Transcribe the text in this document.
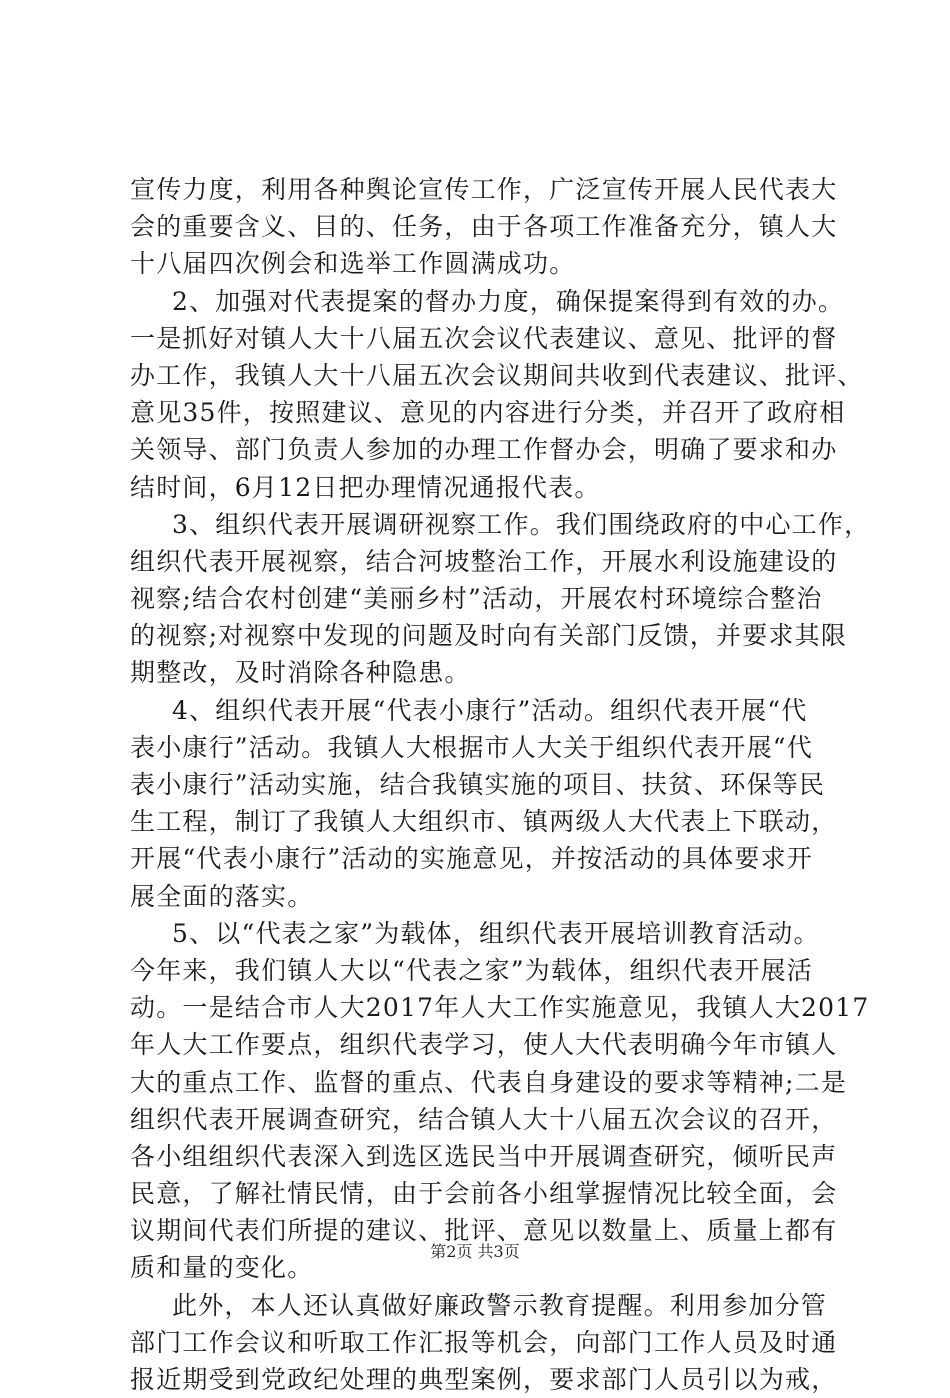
宣传力度，利用各种舆论宣传工作，广泛宣传开展人民代表大
会的重要含义、目的、任务，由于各项工作准备充分，镇人大
十八届四次例会和选举工作圆满成功。
2、加强对代表提案的督办力度，确保提案得到有效的办。
一是抓好对镇人大十八届五次会议代表建议、意见、批评的督
办工作，我镇人大十八届五次会议期间共收到代表建议、批评、
意见35件，按照建议、意见的内容进行分类，并召开了政府相
关领导、部门负责人参加的办理工作督办会，明确了要求和办
结时间，6月12日把办理情况通报代表。
3、组织代表开展调研视察工作。我们围绕政府的中心工作，
组织代表开展视察，结合河坡整治工作，开展水利设施建设的
视察;结合农村创建“美丽乡村”活动，开展农村环境综合整治
的视察;对视察中发现的问题及时向有关部门反馈，并要求其限
期整改，及时消除各种隐患。
4、组织代表开展“代表小康行”活动。组织代表开展“代
表小康行”活动。我镇人大根据市人大关于组织代表开展“代
表小康行”活动实施，结合我镇实施的项目、扶贫、环保等民
生工程，制订了我镇人大组织市、镇两级人大代表上下联动，
开展“代表小康行”活动的实施意见，并按活动的具体要求开
展全面的落实。
5、以“代表之家”为载体，组织代表开展培训教育活动。
今年来，我们镇人大以“代表之家”为载体，组织代表开展活
动。一是结合市人大2017年人大工作实施意见，我镇人大2017
年人大工作要点，组织代表学习，使人大代表明确今年市镇人
大的重点工作、监督的重点、代表自身建设的要求等精神;二是
组织代表开展调查研究，结合镇人大十八届五次会议的召开，
各小组组织代表深入到选区选民当中开展调查研究，倾听民声
民意，了解社情民情，由于会前各小组掌握情况比较全面，会
议期间代表们所提的建议、批评、意见以数量上、质量上都有
质和量的变化。
此外，本人还认真做好廉政警示教育提醒。利用参加分管
部门工作会议和听取工作汇报等机会，向部门工作人员及时通
报近期受到党政纪处理的典型案例，要求部门人员引以为戒，
第2页 共3页
